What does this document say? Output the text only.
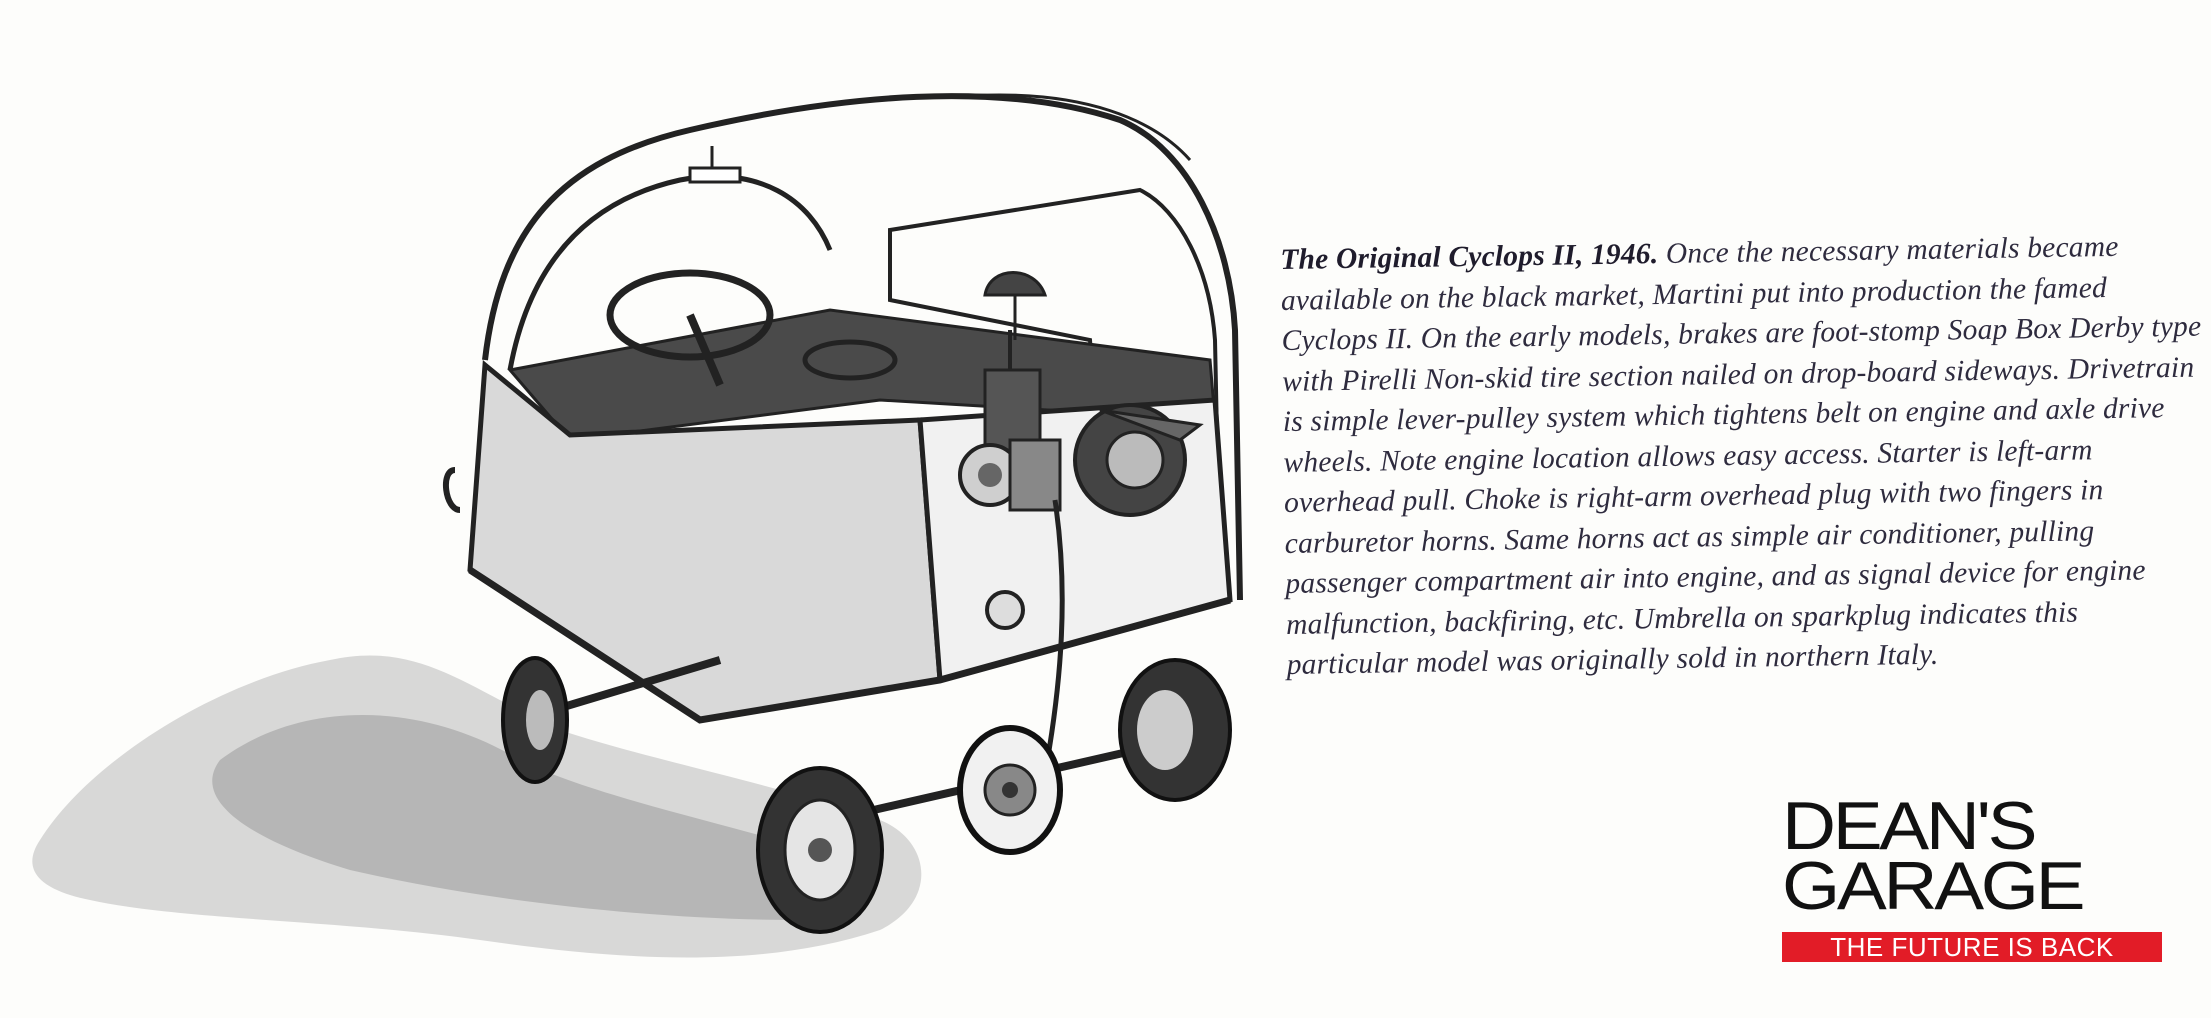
The Original Cyclops II, 1946. Once the necessary materials became available on the black market, Martini put into production the famed Cyclops II. On the early models, brakes are foot-stomp Soap Box Derby type with Pirelli Non-skid tire section nailed on drop-board sideways. Drivetrain is simple lever-pulley system which tightens belt on engine and axle drive wheels. Note engine location allows easy access. Starter is left-arm overhead pull. Choke is right-arm overhead plug with two fingers in carburetor horns. Same horns act as simple air conditioner, pulling passenger compartment air into engine, and as signal device for engine malfunction, backfiring, etc. Umbrella on sparkplug indicates this particular model was originally sold in northern Italy.

DEAN'S
GARAGE
THE FUTURE IS BACK
